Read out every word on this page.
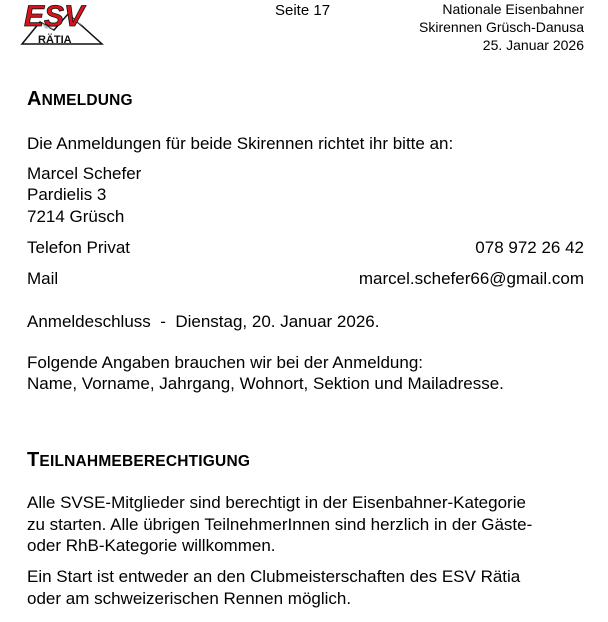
ESV
RÄTIA
Seite 17	Nationale Eisenbahner
Skirennen Grüsch-Danusa
25. Januar 2026
ANMELDUNG

Die Anmeldungen für beide Skirennen richtet ihr bitte an:

Marcel Schefer

Pardielis 3

7214 Grüsch

Telefon Privat	078 972 26 42
Mail	marcel.schefer66@gmail.com

Anmeldeschluss  -  Dienstag, 20. Januar 2026.

Folgende Angaben brauchen wir bei der Anmeldung:

Name, Vorname, Jahrgang, Wohnort, Sektion und Mailadresse.

TEILNAHMEBERECHTIGUNG

Alle SVSE-Mitglieder sind berechtigt in der Eisenbahner-Kategorie

zu starten. Alle übrigen TeilnehmerInnen sind herzlich in der Gäste-

oder RhB-Kategorie willkommen.

Ein Start ist entweder an den Clubmeisterschaften des ESV Rätia

oder am schweizerischen Rennen möglich.
